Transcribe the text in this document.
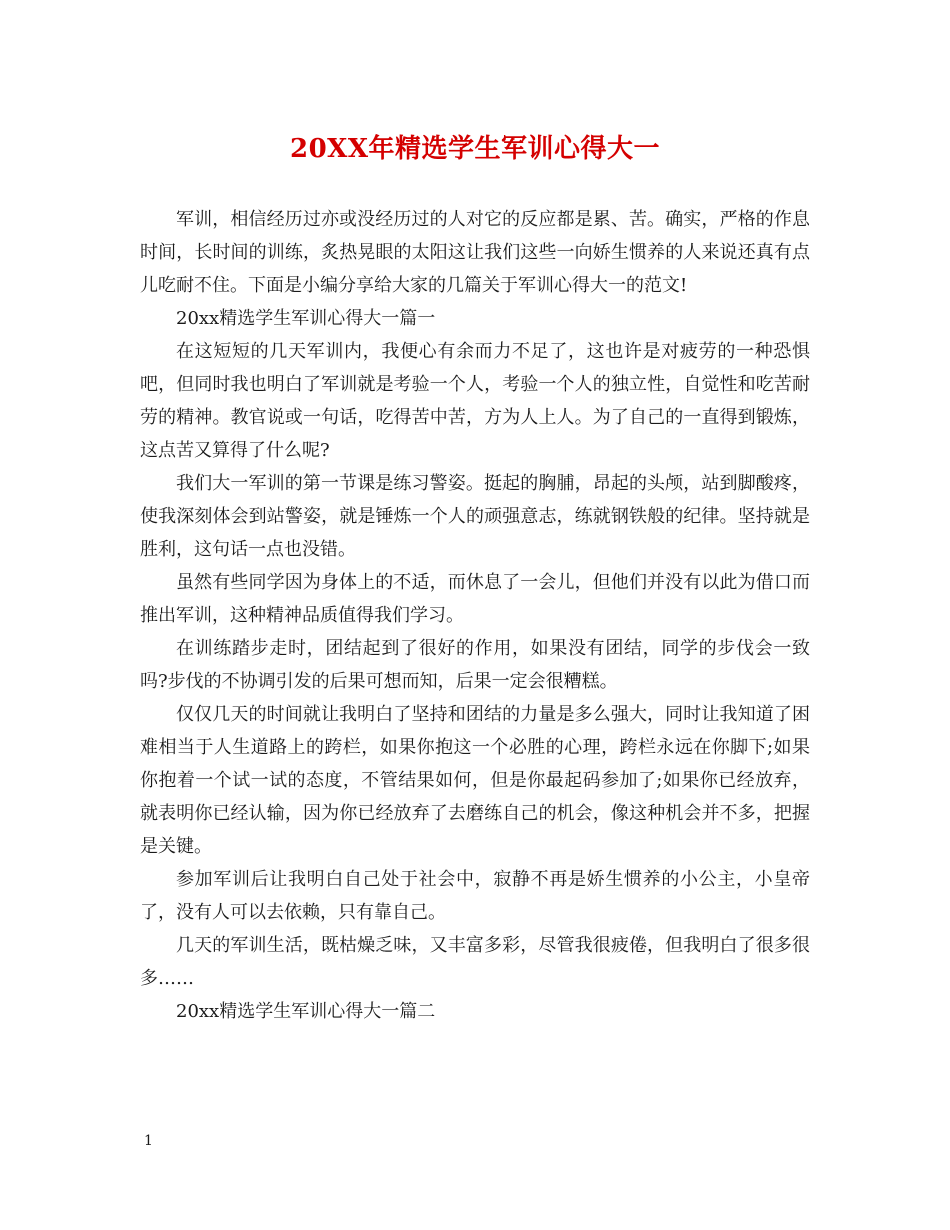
20XX年精选学生军训心得大一

军训，相信经历过亦或没经历过的人对它的反应都是累、苦。确实，严格的作息时间，长时间的训练，炙热晃眼的太阳这让我们这些一向娇生惯养的人来说还真有点儿吃耐不住。下面是小编分享给大家的几篇关于军训心得大一的范文!

20xx精选学生军训心得大一篇一

在这短短的几天军训内，我便心有余而力不足了，这也许是对疲劳的一种恐惧吧，但同时我也明白了军训就是考验一个人，考验一个人的独立性，自觉性和吃苦耐劳的精神。教官说或一句话，吃得苦中苦，方为人上人。为了自己的一直得到锻炼，这点苦又算得了什么呢?

我们大一军训的第一节课是练习警姿。挺起的胸脯，昂起的头颅，站到脚酸疼，使我深刻体会到站警姿，就是锤炼一个人的顽强意志，练就钢铁般的纪律。坚持就是胜利，这句话一点也没错。

虽然有些同学因为身体上的不适，而休息了一会儿，但他们并没有以此为借口而推出军训，这种精神品质值得我们学习。

在训练踏步走时，团结起到了很好的作用，如果没有团结，同学的步伐会一致吗?步伐的不协调引发的后果可想而知，后果一定会很糟糕。

仅仅几天的时间就让我明白了坚持和团结的力量是多么强大，同时让我知道了困难相当于人生道路上的跨栏，如果你抱这一个必胜的心理，跨栏永远在你脚下;如果你抱着一个试一试的态度，不管结果如何，但是你最起码参加了;如果你已经放弃，就表明你已经认输，因为你已经放弃了去磨练自己的机会，像这种机会并不多，把握是关键。

参加军训后让我明白自己处于社会中，寂静不再是娇生惯养的小公主，小皇帝了，没有人可以去依赖，只有靠自己。

几天的军训生活，既枯燥乏味，又丰富多彩，尽管我很疲倦，但我明白了很多很多……

20xx精选学生军训心得大一篇二

1
